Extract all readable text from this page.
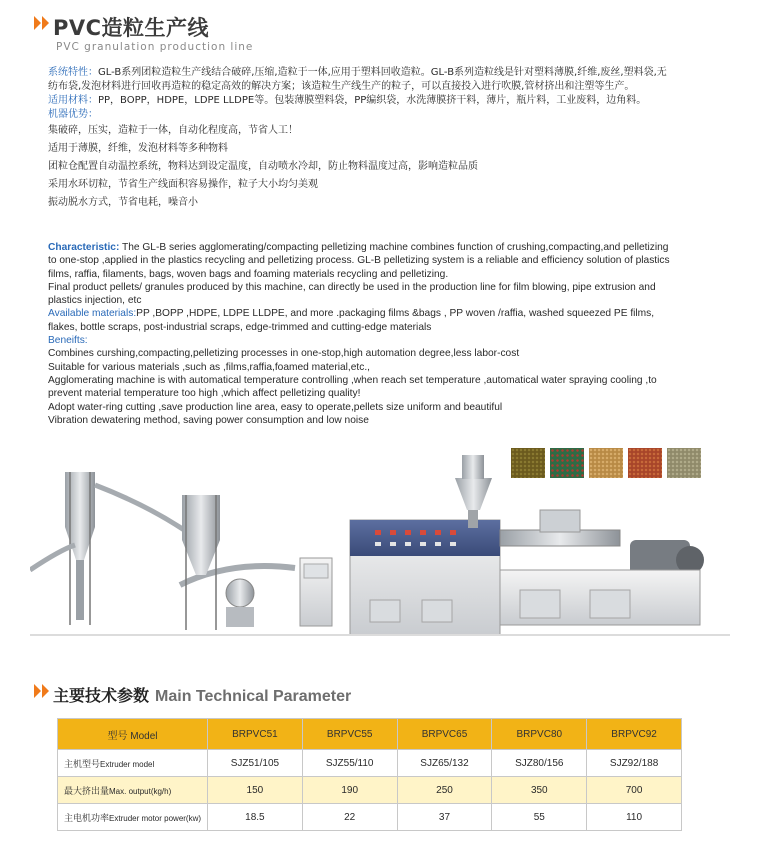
PVC造粒生产线
PVC granulation production line

系统特性：GL-B系列团粒造粒生产线结合破碎,压缩,造粒于一体,应用于塑料回收造粒。GL-B系列造粒线是针对塑料薄膜,纤维,废丝,塑料袋,无纺布袋,发泡材料进行回收再造粒的稳定高效的解决方案；该造粒生产线生产的粒子，可以直接投入进行吹膜,管材挤出和注塑等生产。

适用材料：PP，BOPP，HDPE，LDPE LLDPE等。包装薄膜塑料袋，PP编织袋，水洗薄膜挤干料，薄片，瓶片料，工业废料，边角料。

机器优势：

集破碎，压实，造粒于一体，自动化程度高，节省人工！

适用于薄膜，纤维，发泡材料等多种物料

团粒仓配置自动温控系统，物料达到设定温度，自动喷水冷却，防止物料温度过高，影响造粒品质

采用水环切粒，节省生产线面积容易操作，粒子大小均匀美观

振动脱水方式，节省电耗，噪音小

Characteristic: The GL-B series agglomerating/compacting pelletizing machine combines function of crushing,compacting,and pelletizing to one-stop ,applied in the plastics recycling and pelletizing process. GL-B pelletizing system is a reliable and efficiency solution of plastics films, raffia, filaments, bags, woven bags and foaming materials recycling and pelletizing.

Final product pellets/ granules produced by this machine, can directly be used in the production line for film blowing, pipe extrusion and plastics injection, etc

Available materials:PP ,BOPP ,HDPE, LDPE LLDPE, and more .packaging films &bags , PP woven /raffia, washed squeezed PE films, flakes, bottle scraps, post-industrial scraps, edge-trimmed and cutting-edge materials

Beneifts:

Combines curshing,compacting,pelletizing processes in one-stop,high automation degree,less labor-cost

Suitable for various materials ,such as ,films,raffia,foamed material,etc.,

Agglomerating machine is with automatical temperature controlling ,when reach set temperature ,automatical water spraying cooling ,to prevent material temperature too high ,which affect pelletizing quality!

Adopt water-ring cutting ,save production line area, easy to operate,pellets size uniform and beautiful

Vibration dewatering method, saving power consumption and low noise

主要技术参数 Main Technical Parameter
型号 Model	BRPVC51	BRPVC55	BRPVC65	BRPVC80	BRPVC92
主机型号Extruder model	SJZ51/105	SJZ55/110	SJZ65/132	SJZ80/156	SJZ92/188
最大挤出量Max. output(kg/h)	150	190	250	350	700
主电机功率Extruder motor power(kw)	18.5	22	37	55	110
